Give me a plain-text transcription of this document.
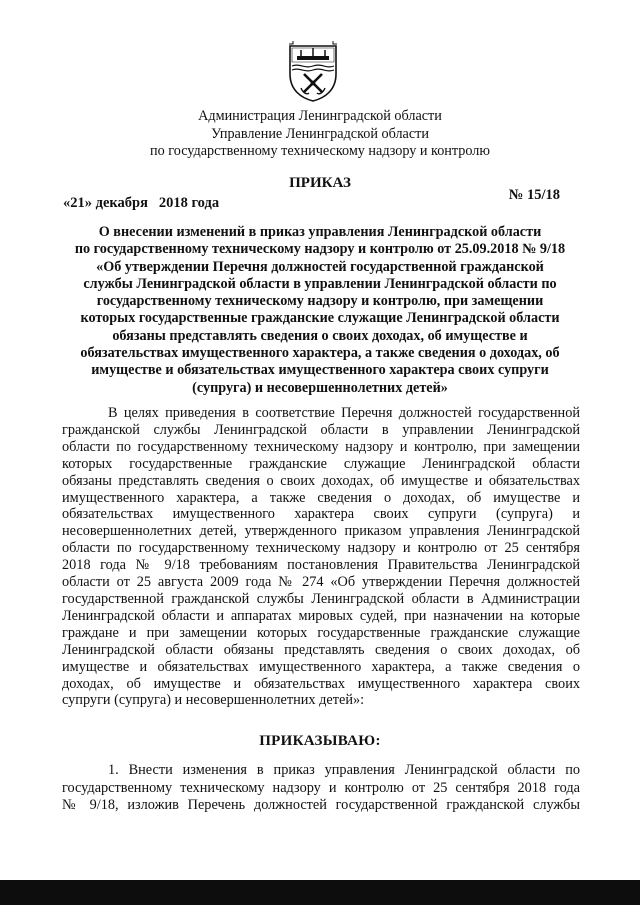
Администрация Ленинградской области
Управление Ленинградской области
по государственному техническому надзору и контролю
ПРИКАЗ
«21» декабря   2018 года	№ 15/18
О внесении изменений в приказ управления Ленинградской области
по государственному техническому надзору и контролю от 25.09.2018 № 9/18
«Об утверждении Перечня должностей государственной гражданской
службы Ленинградской области в управлении Ленинградской области по
государственному техническому надзору и контролю, при замещении
которых государственные гражданские служащие Ленинградской области
обязаны представлять сведения о своих доходах, об имуществе и
обязательствах имущественного характера, а также сведения о доходах, об
имуществе и обязательствах имущественного характера своих супруги
(супруга) и несовершеннолетних детей»
В целях приведения в соответствие Перечня должностей государственной
гражданской службы Ленинградской области в управлении Ленинградской
области по государственному техническому надзору и контролю, при замещении
которых государственные гражданские служащие Ленинградской области
обязаны представлять сведения о своих доходах, об имуществе и обязательствах
имущественного характера, а также сведения о доходах, об имуществе и
обязательствах имущественного характера своих супруги (супруга) и
несовершеннолетних детей, утвержденного приказом управления Ленинградской
области по государственному техническому надзору и контролю от 25 сентября
2018 года № 9/18 требованиям постановления Правительства Ленинградской
области от 25 августа 2009 года № 274 «Об утверждении Перечня должностей
государственной гражданской службы Ленинградской области в Администрации
Ленинградской области и аппаратах мировых судей, при назначении на которые
граждане и при замещении которых государственные гражданские служащие
Ленинградской области обязаны представлять сведения о своих доходах, об
имуществе и обязательствах имущественного характера, а также сведения о
доходах, об имуществе и обязательствах имущественного характера своих
супруги (супруга) и несовершеннолетних детей»:
ПРИКАЗЫВАЮ:
1. Внести изменения в приказ управления Ленинградской области по
государственному техническому надзору и контролю от 25 сентября 2018 года
№ 9/18, изложив Перечень должностей государственной гражданской службы
